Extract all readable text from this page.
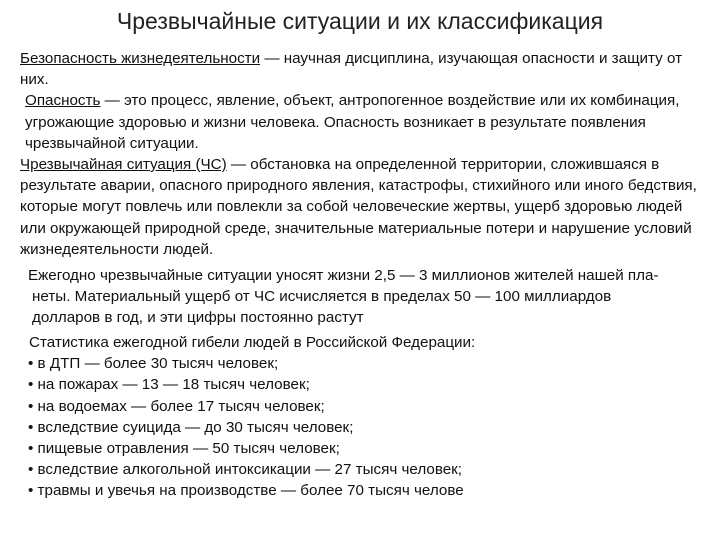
Чрезвычайные ситуации и их классификация
Безопасность жизнедеятельности — научная дисциплина, изучающая опасности и защиту от них.
Опасность — это процесс, явление, объект, антропогенное воздействие или их комбинация, угрожающие здоровью и жизни человека. Опасность возникает в результате появления чрезвычайной ситуации.
Чрезвычайная ситуация (ЧС) — обстановка на определенной территории, сложившаяся в результате аварии, опасного природного явления, катастрофы, стихийного или иного бедствия, которые могут повлечь или повлекли за собой человеческие жертвы, ущерб здоровью людей или окружающей природной среде, значительные материальные потери и нарушение условий жизнедеятельности людей.
Ежегодно чрезвычайные ситуации уносят жизни 2,5 — 3 миллионов жителей нашей пла-
неты. Материальный ущерб от ЧС исчисляется в пределах 50 — 100 миллиардов
долларов в год, и эти цифры постоянно растут
Статистика ежегодной гибели людей в Российской Федерации:
• в ДТП — более 30 тысяч человек;
• на пожарах — 13 — 18 тысяч человек;
• на водоемах — более 17 тысяч человек;
• вследствие суицида — до 30 тысяч человек;
• пищевые отравления — 50 тысяч человек;
• вследствие алкогольной интоксикации — 27 тысяч человек;
• травмы и увечья на производстве — более 70 тысяч челове
